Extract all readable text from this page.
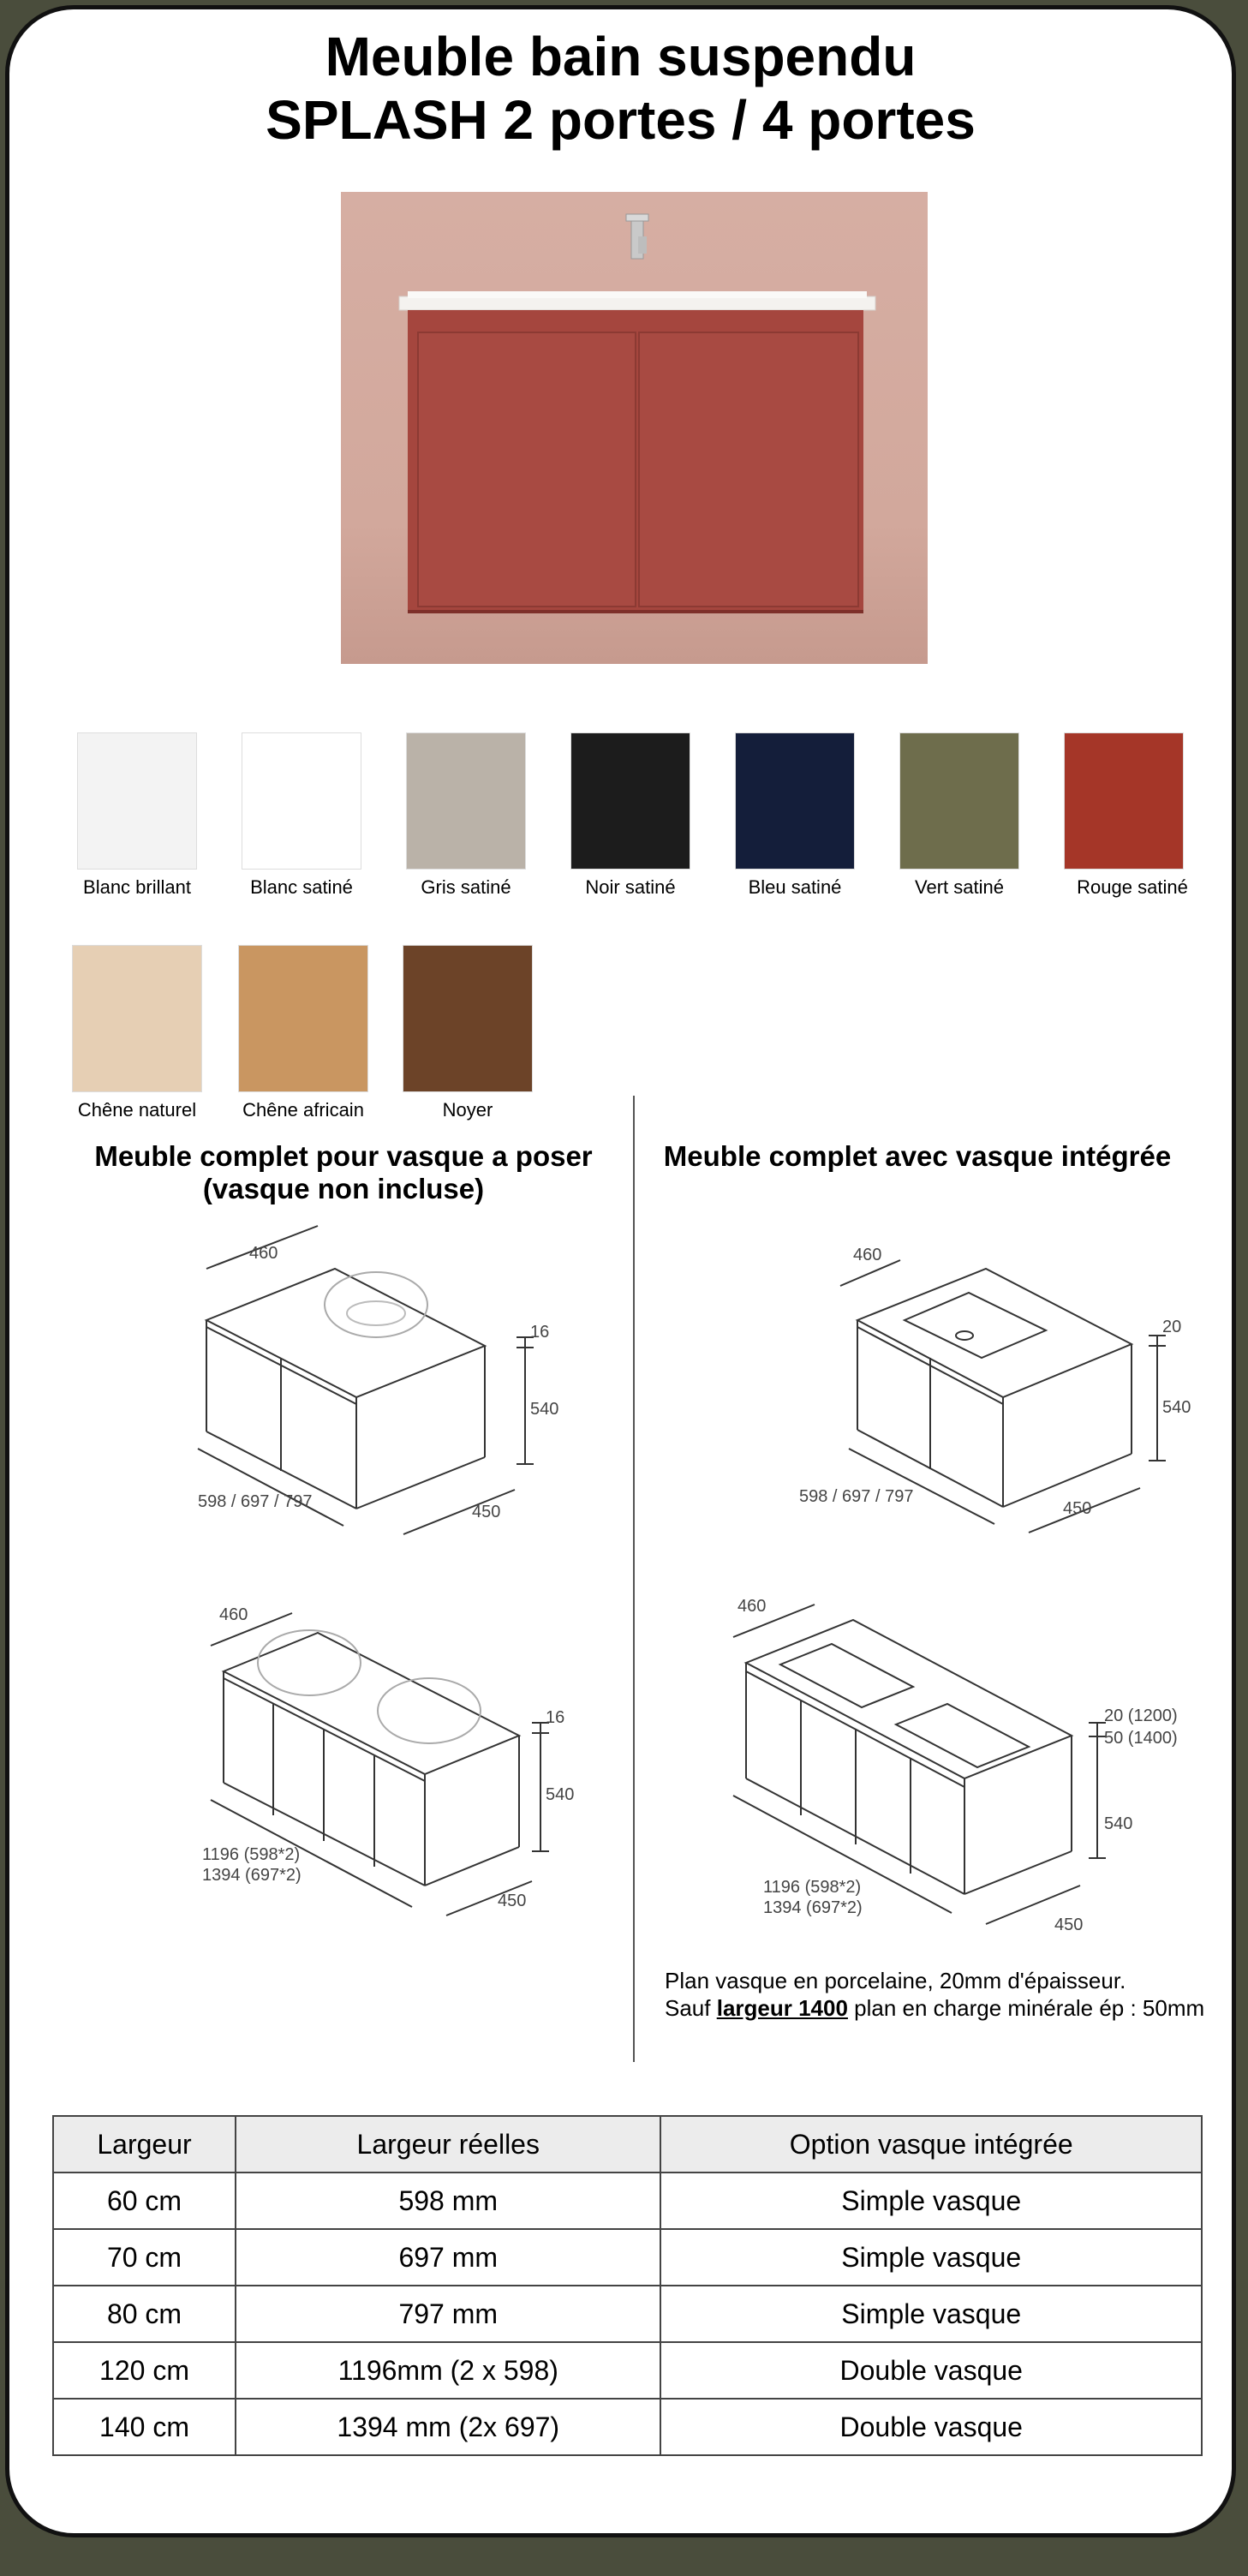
Meuble bain suspendu
SPLASH 2 portes / 4 portes
Blanc brillant	Blanc satiné	Gris satiné	Noir satiné	Bleu satiné	Vert satiné	Rouge satiné
Chêne naturel	Chêne africain	Noyer
Meuble complet pour vasque a poser
(vasque non incluse)
Meuble complet avec vasque intégrée
460
16
540
598 / 697 / 797
450
460
20
540
598 / 697 / 797
450
460
16
540
1196 (598*2)
1394 (697*2)
450
460
20 (1200)
50 (1400)
540
1196 (598*2)
1394 (697*2)
450
Plan vasque en porcelaine, 20mm d'épaisseur.
Sauf largeur 1400 plan en charge minérale ép : 50mm
Largeur	Largeur réelles	Option vasque intégrée
60 cm	598 mm	Simple vasque
70 cm	697 mm	Simple vasque
80 cm	797 mm	Simple vasque
120 cm	1196mm (2 x 598)	Double vasque
140 cm	1394 mm (2x 697)	Double vasque
